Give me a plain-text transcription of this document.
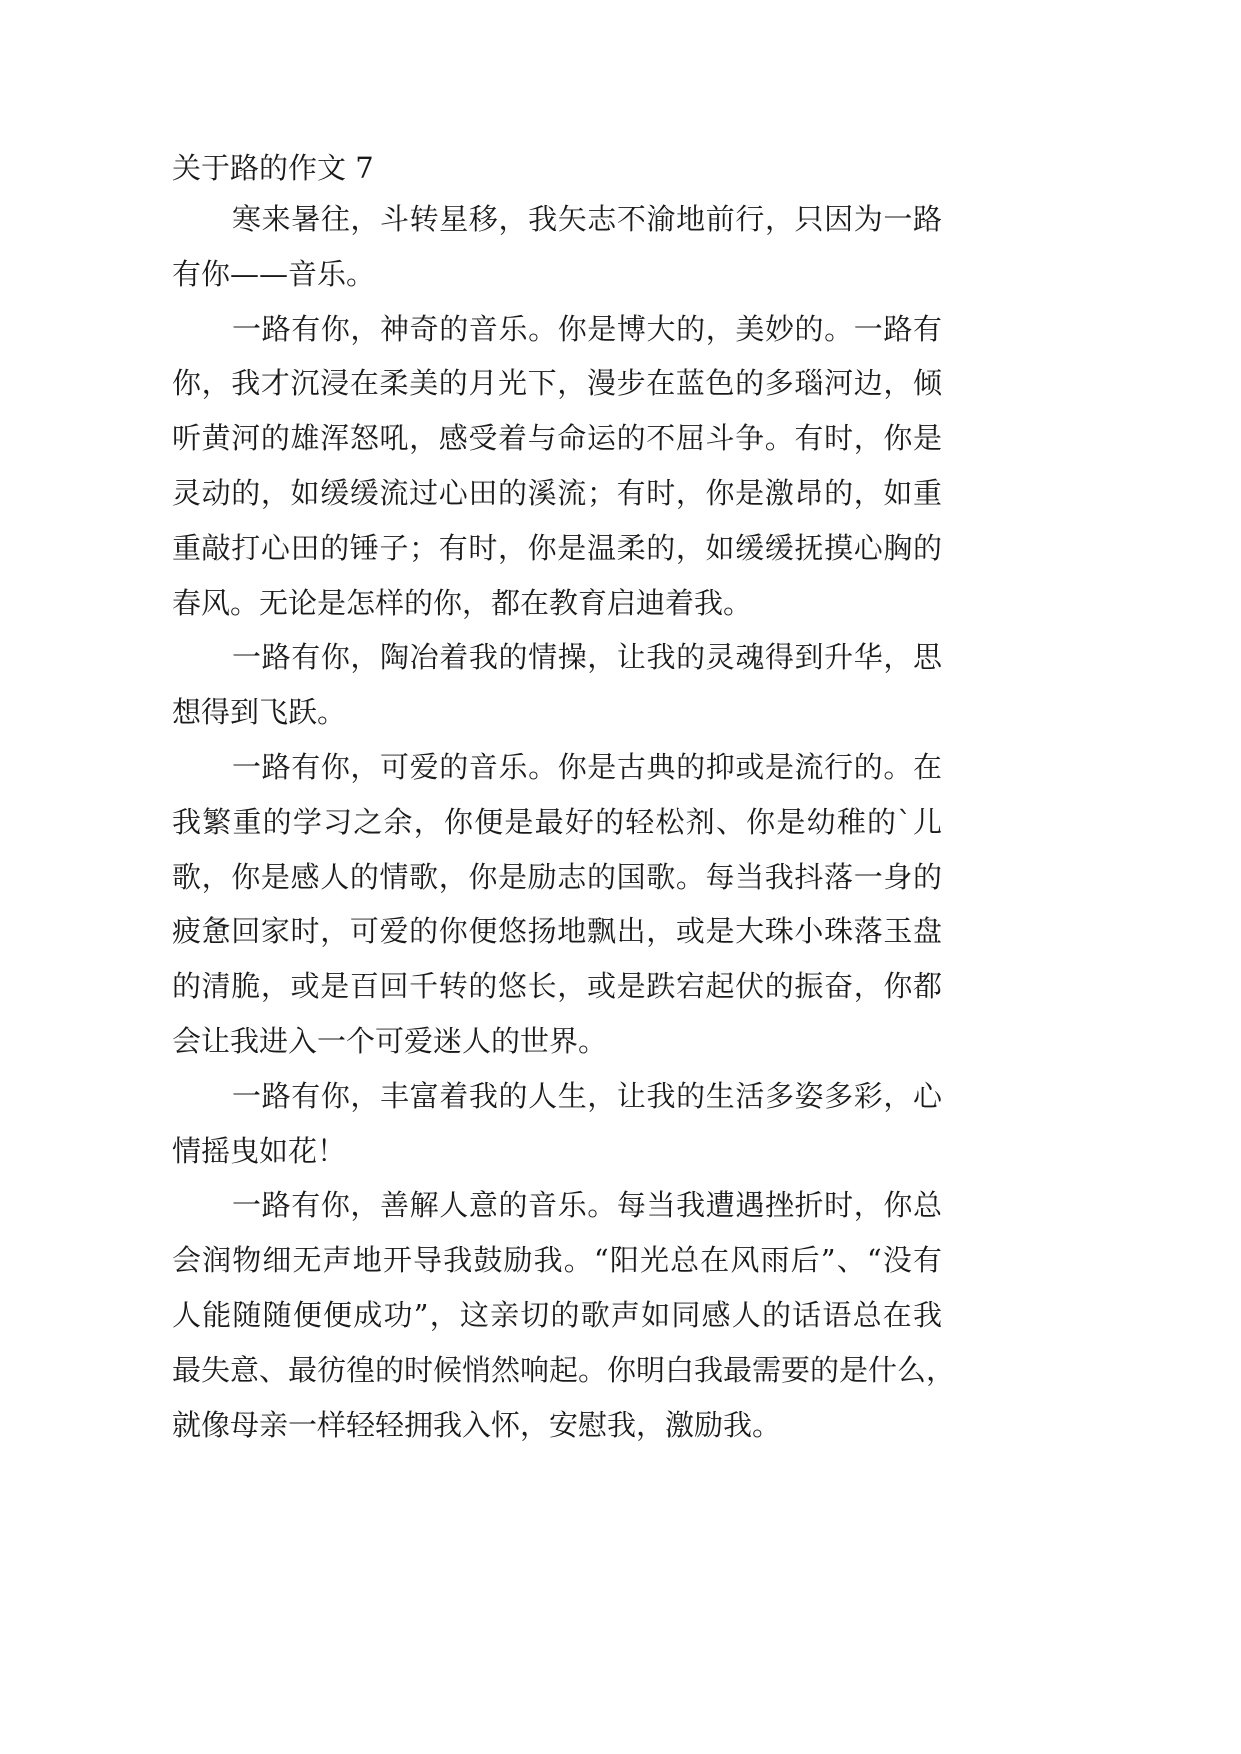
关于路的作文 7
寒来暑往，斗转星移，我矢志不渝地前行，只因为一路
有你——音乐。
一路有你，神奇的音乐。你是博大的，美妙的。一路有
你，我才沉浸在柔美的月光下，漫步在蓝色的多瑙河边，倾
听黄河的雄浑怒吼，感受着与命运的不屈斗争。有时，你是
灵动的，如缓缓流过心田的溪流；有时，你是激昂的，如重
重敲打心田的锤子；有时，你是温柔的，如缓缓抚摸心胸的
春风。无论是怎样的你，都在教育启迪着我。
一路有你，陶冶着我的情操，让我的灵魂得到升华，思
想得到飞跃。
一路有你，可爱的音乐。你是古典的抑或是流行的。在
我繁重的学习之余，你便是最好的轻松剂、你是幼稚的`儿
歌，你是感人的情歌，你是励志的国歌。每当我抖落一身的
疲惫回家时，可爱的你便悠扬地飘出，或是大珠小珠落玉盘
的清脆，或是百回千转的悠长，或是跌宕起伏的振奋，你都
会让我进入一个可爱迷人的世界。
一路有你，丰富着我的人生，让我的生活多姿多彩，心
情摇曳如花！
一路有你，善解人意的音乐。每当我遭遇挫折时，你总
会润物细无声地开导我鼓励我。“阳光总在风雨后”、“没有
人能随随便便成功”，这亲切的歌声如同感人的话语总在我
最失意、最彷徨的时候悄然响起。你明白我最需要的是什么，
就像母亲一样轻轻拥我入怀，安慰我，激励我。
